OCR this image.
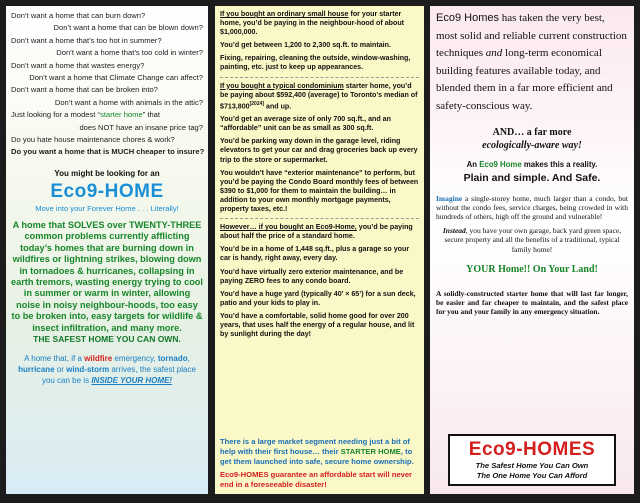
Don’t want a home that can burn down?
Don’t want a home that can be blown down?
Don’t want a home that’s too hot in summer?
Don’t want a home that’s too cold in winter?
Don’t want a home that wastes energy?
Don’t want a home that Climate Change can affect?
Don’t want a home that can be broken into?
Don’t want a home with animals in the attic?
Just looking for a modest “starter home” that
does NOT have an insane price tag?
Do you hate house maintenance chores & work?
Do you want a home that is MUCH cheaper to insure?
You might be looking for an
Eco9-HOME
Move into your Forever Home . . . Literally!
A home that SOLVES over TWENTY-THREE common problems currently afflicting today’s homes that are burning down in wildfires or lightning strikes, blowing down in tornadoes & hurricanes, collapsing in earth tremors, wasting energy trying to cool in summer or warm in winter, allowing noise in noisy neighbour-hoods, too easy to be broken into, easy targets for wildlife & insect infiltration, and many more.
THE SAFEST HOME YOU CAN OWN.
A home that, if a wildfire emergency, tornado, hurricane or wind-storm arrives, the safest place you can be is INSIDE YOUR HOME!

If you bought an ordinary small house for your starter home, you’d be paying in the neighbour-hood of about $1,000,000.

You’d get between 1,200 to 2,300 sq.ft. to maintain.

Fixing, repairing, cleaning the outside, window-washing, painting, etc. just to keep up appearances.

If you bought a typical condominium starter home, you’d be paying about $592,400 (average) to Toronto’s median of $713,800[2024] and up.

You’d get an average size of only 700 sq.ft., and an “affordable” unit can be as small as 300 sq.ft.

You’d be parking way down in the garage level, riding elevators to get your car and drag groceries back up every trip to the store or supermarket.

You wouldn’t have “exterior maintenance” to perform, but you’d be paying the Condo Board monthly fees of between $390 to $1,000 for them to maintain the building… in addition to your own monthly mortgage payments, property taxes, etc.!

However… if you bought an Eco9-Home, you’d be paying about half the price of a standard home.

You’d be in a home of 1,448 sq.ft., plus a garage so your car is handy, right away, every day.

You’d have virtually zero exterior maintenance, and be paying ZERO fees to any condo board.

You’d have a huge yard (typically 40’ × 65’) for a sun deck, patio and your kids to play in.

You’d have a comfortable, solid home good for over 200 years, that uses half the energy of a regular house, and lit by sunlight during the day!

There is a large market segment needing just a bit of help with their first house… their STARTER HOME, to get them launched into safe, secure home ownership.
Eco9-HOMES guarantee an affordable start will never end in a foreseeable disaster!
Eco9 Homes has taken the very best, most solid and reliable current construction techniques and long-term economical building features available today, and blended them in a far more efficient and safety-conscious way.
AND… a far more
ecologically-aware way!
An Eco9 Home makes this a reality.
Plain and simple. And Safe.
Imagine a single-storey home, much larger than a condo, but without the condo fees, service charges, being crowded in with hundreds of others, high off the ground and vulnerable!
Instead, you have your own garage, back yard green space, secure property and all the benefits of a traditional, typical family home!
YOUR Home!! On Your Land!
A solidly-constructed starter home that will last far longer, be easier and far cheaper to maintain, and the safest place for you and your family in any emergency situation.
Eco9-HOMES
The Safest Home You Can Own
The One Home You Can Afford
